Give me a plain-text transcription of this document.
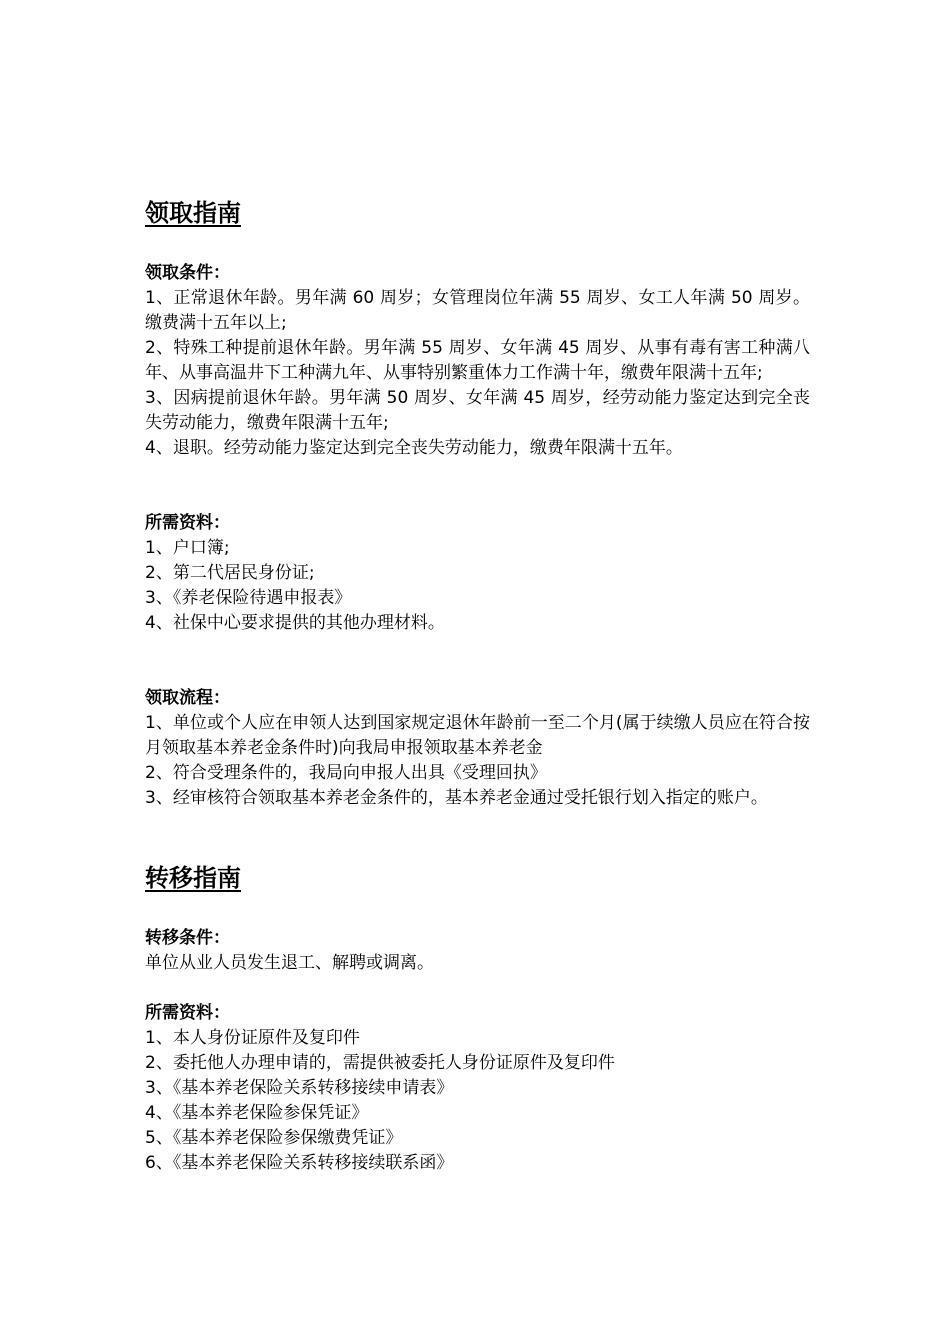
领取指南

领取条件：

1、正常退休年龄。男年满 60 周岁；女管理岗位年满 55 周岁、女工人年满 50 周岁。缴费满十五年以上;

2、特殊工种提前退休年龄。男年满 55 周岁、女年满 45 周岁、从事有毒有害工种满八年、从事高温井下工种满九年、从事特别繁重体力工作满十年，缴费年限满十五年;

3、因病提前退休年龄。男年满 50 周岁、女年满 45 周岁，经劳动能力鉴定达到完全丧失劳动能力，缴费年限满十五年;

4、退职。经劳动能力鉴定达到完全丧失劳动能力，缴费年限满十五年。

所需资料：

1、户口簿;

2、第二代居民身份证;

3、《养老保险待遇申报表》

4、社保中心要求提供的其他办理材料。

领取流程：

1、单位或个人应在申领人达到国家规定退休年龄前一至二个月(属于续缴人员应在符合按月领取基本养老金条件时)向我局申报领取基本养老金

2、符合受理条件的，我局向申报人出具《受理回执》

3、经审核符合领取基本养老金条件的，基本养老金通过受托银行划入指定的账户。

转移指南

转移条件：

单位从业人员发生退工、解聘或调离。

所需资料：

1、本人身份证原件及复印件

2、委托他人办理申请的，需提供被委托人身份证原件及复印件

3、《基本养老保险关系转移接续申请表》

4、《基本养老保险参保凭证》

5、《基本养老保险参保缴费凭证》

6、《基本养老保险关系转移接续联系函》
